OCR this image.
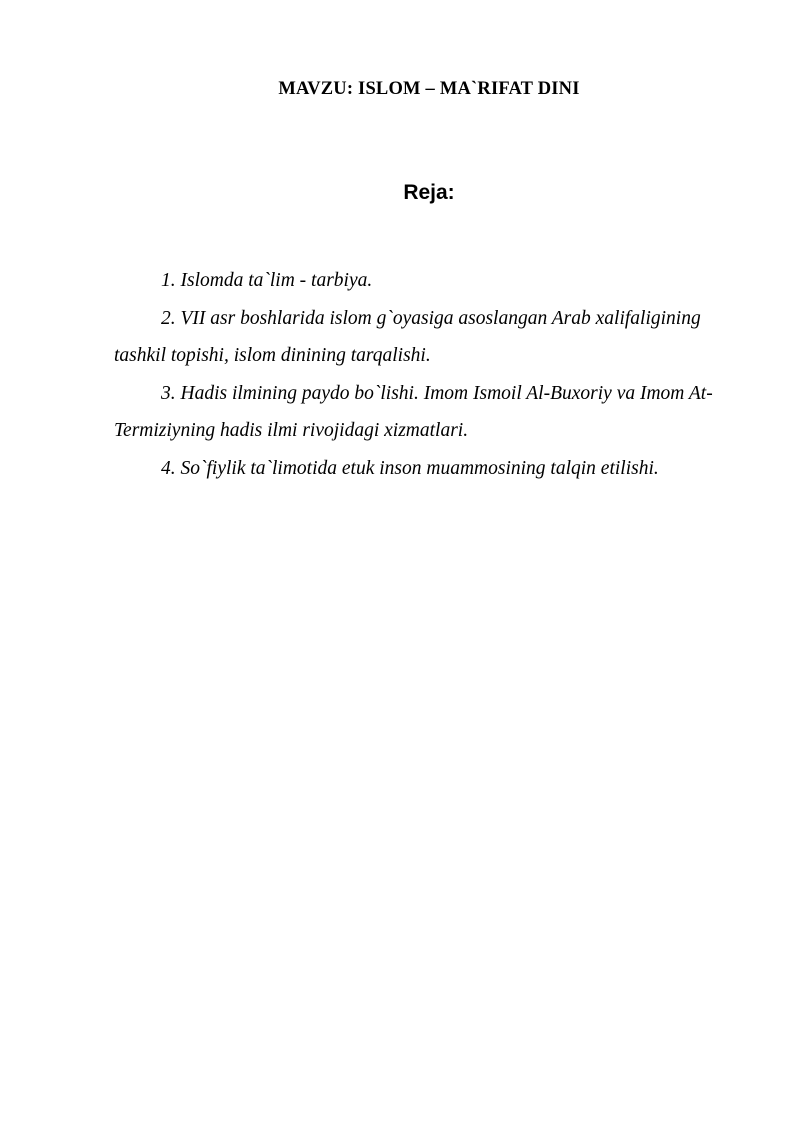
MAVZU: ISLOM – MA`RIFAT DINI
Reja:
1. Islomda ta`lim - tarbiya.
2. VII asr boshlarida islom g`oyasiga asoslangan Arab xalifaligining tashkil topishi, islom dinining tarqalishi.
3. Hadis ilmining paydo bo`lishi. Imom Ismoil Al-Buxoriy va Imom At-Termiziyning hadis ilmi rivojidagi xizmatlari.
4. So`fiylik ta`limotida etuk inson muammosining talqin etilishi.
